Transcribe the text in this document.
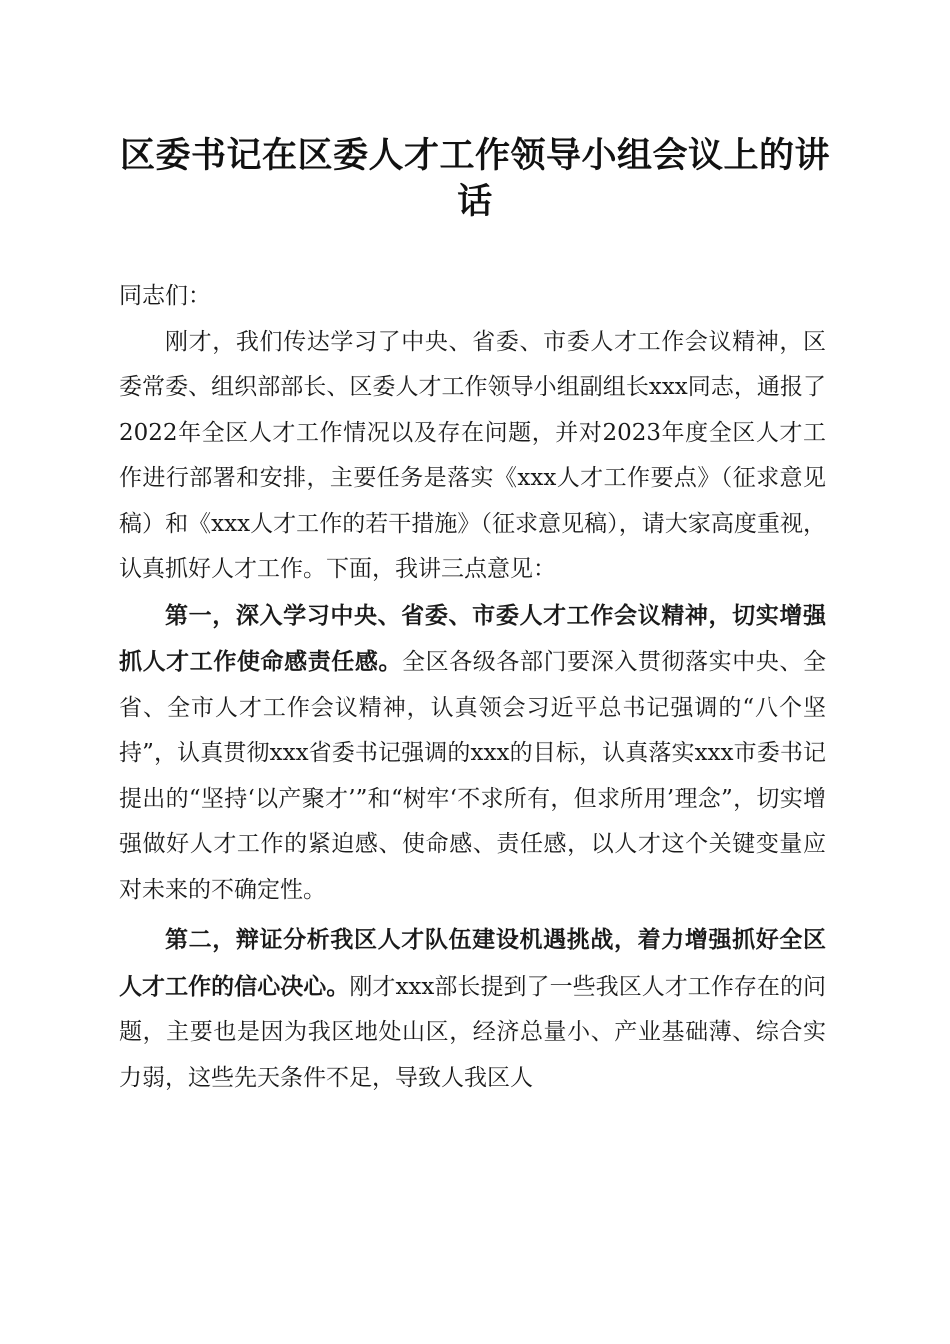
区委书记在区委人才工作领导小组会议上的讲话

同志们：

刚才，我们传达学习了中央、省委、市委人才工作会议精神，区委常委、组织部部长、区委人才工作领导小组副组长xxx同志，通报了2022年全区人才工作情况以及存在问题，并对2023年度全区人才工作进行部署和安排，主要任务是落实《xxx人才工作要点》（征求意见稿）和《xxx人才工作的若干措施》（征求意见稿），请大家高度重视，认真抓好人才工作。下面，我讲三点意见：

第一，深入学习中央、省委、市委人才工作会议精神，切实增强抓人才工作使命感责任感。全区各级各部门要深入贯彻落实中央、全省、全市人才工作会议精神，认真领会习近平总书记强调的“八个坚持”，认真贯彻xxx省委书记强调的xxx的目标，认真落实xxx市委书记提出的“坚持‘以产聚才’”和“树牢‘不求所有，但求所用’理念”，切实增强做好人才工作的紧迫感、使命感、责任感，以人才这个关键变量应对未来的不确定性。

第二，辩证分析我区人才队伍建设机遇挑战，着力增强抓好全区人才工作的信心决心。刚才xxx部长提到了一些我区人才工作存在的问题，主要也是因为我区地处山区，经济总量小、产业基础薄、综合实力弱，这些先天条件不足，导致人我区人
